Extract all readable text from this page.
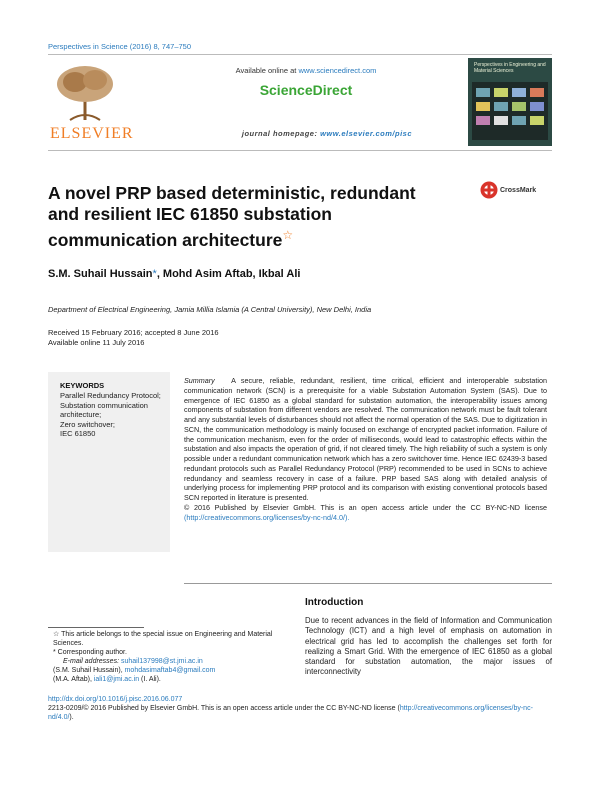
Perspectives in Science (2016) 8, 747–750
ELSEVIER
Available online at www.sciencedirect.com
ScienceDirect
journal homepage: www.elsevier.com/pisc
Perspectives in Engineering and Material Sciences
A novel PRP based deterministic, redundant and resilient IEC 61850 substation communication architecture☆
CrossMark
S.M. Suhail Hussain*, Mohd Asim Aftab, Ikbal Ali
Department of Electrical Engineering, Jamia Millia Islamia (A Central University), New Delhi, India
Received 15 February 2016; accepted 8 June 2016
Available online 11 July 2016
KEYWORDS
Parallel Redundancy Protocol;
Substation communication architecture;
Zero switchover;
IEC 61850
Summary A secure, reliable, redundant, resilient, time critical, efficient and interoperable substation communication network (SCN) is a prerequisite for a viable Substation Automation System (SAS). Due to emergence of IEC 61850 as a global standard for substation automation, the interoperability issues among components of substation from different vendors are resolved. The communication network must be fault tolerant and any substantial levels of disturbances should not affect the normal operation of the SAS. Due to digitization in SCN, the communication methodology is mainly focused on exchange of encrypted packet information. Failure of the communication mechanism, even for the order of milliseconds, would lead to catastrophic effects within the substation and also impacts the operation of grid, if not cleared timely. The high reliability of such a system is only possible under a redundant communication network which has a zero switchover time. Hence IEC 62439-3 based redundant protocols such as Parallel Redundancy Protocol (PRP) recommended to be used in SCNs to achieve redundancy and seamless recovery in case of a failure. PRP based SAS along with detailed analysis of underlying process for implementing PRP protocol and its comparison with existing conventional protocols based SCN reported in literature is presented.
© 2016 Published by Elsevier GmbH. This is an open access article under the CC BY-NC-ND license (http://creativecommons.org/licenses/by-nc-nd/4.0/).
Introduction
Due to recent advances in the field of Information and Communication Technology (ICT) and a high level of emphasis on automation in electrical grid has led to accomplish the challenges set forth for realizing a Smart Grid. With the emergence of IEC 61850 as a global standard for substation automation, the major issues of interconnectivity
☆ This article belongs to the special issue on Engineering and Material Sciences.
* Corresponding author.
E-mail addresses: suhail137998@st.jmi.ac.in
(S.M. Suhail Hussain), mohdasimaftab4@gmail.com
(M.A. Aftab), iali1@jmi.ac.in (I. Ali).
http://dx.doi.org/10.1016/j.pisc.2016.06.077
2213-0209/© 2016 Published by Elsevier GmbH. This is an open access article under the CC BY-NC-ND license (http://creativecommons.org/licenses/by-nc-nd/4.0/).
